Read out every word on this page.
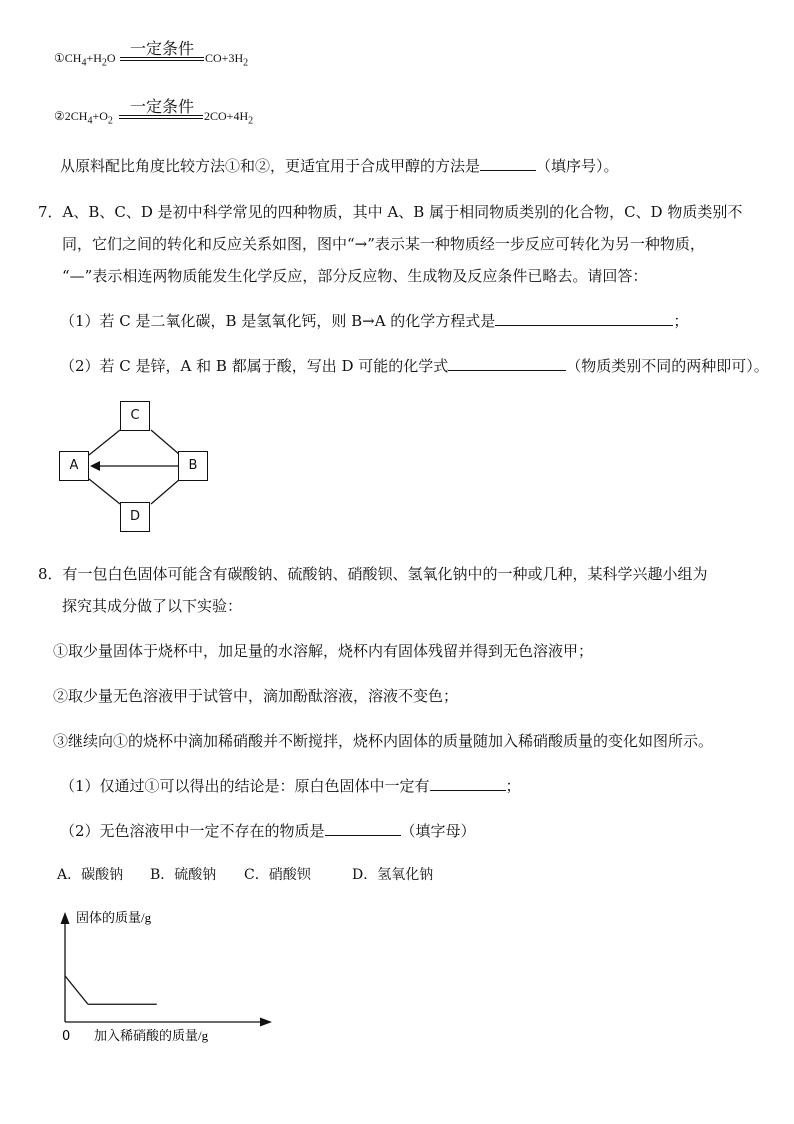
$①CH_4+H_2O$ 一定条件 $CO+3H_2$
$②2CH_4+O_2$
一定条件 $2CO+4H_2$
从原料配比角度比较方法①和②，更适宜用于合成甲醇的方法是	（填序号）。
7．A、B、C、D 是初中科学常见的四种物质，其中 A、B 属于相同物质类别的化合物，C、D 物质类别不
同，它们之间的转化和反应关系如图，图中“→”表示某一种物质经一步反应可转化为另一种物质，
“—”表示相连两物质能发生化学反应，部分反应物、生成物及反应条件已略去。请回答：
（1）若 C 是二氧化碳，B 是氢氧化钙，则 B→A 的化学方程式是	；
（2）若 C 是锌，A 和 B 都属于酸，写出 D 可能的化学式	（物质类别不同的两种即可）。
C
A	B
D
8．有一包白色固体可能含有碳酸钠、硫酸钠、硝酸钡、氢氧化钠中的一种或几种，某科学兴趣小组为
探究其成分做了以下实验：
①取少量固体于烧杯中，加足量的水溶解，烧杯内有固体残留并得到无色溶液甲；
②取少量无色溶液甲于试管中，滴加酚酞溶液，溶液不变色；
③继续向①的烧杯中滴加稀硝酸并不断搅拌，烧杯内固体的质量随加入稀硝酸质量的变化如图所示。
（1）仅通过①可以得出的结论是：原白色固体中一定有	；
（2）无色溶液甲中一定不存在的物质是	（填字母）
A．碳酸钠 B．硫酸钠 C．硝酸钡	D．氢氧化钠
固体的质量/g
0 加入稀硝酸的质量/g
